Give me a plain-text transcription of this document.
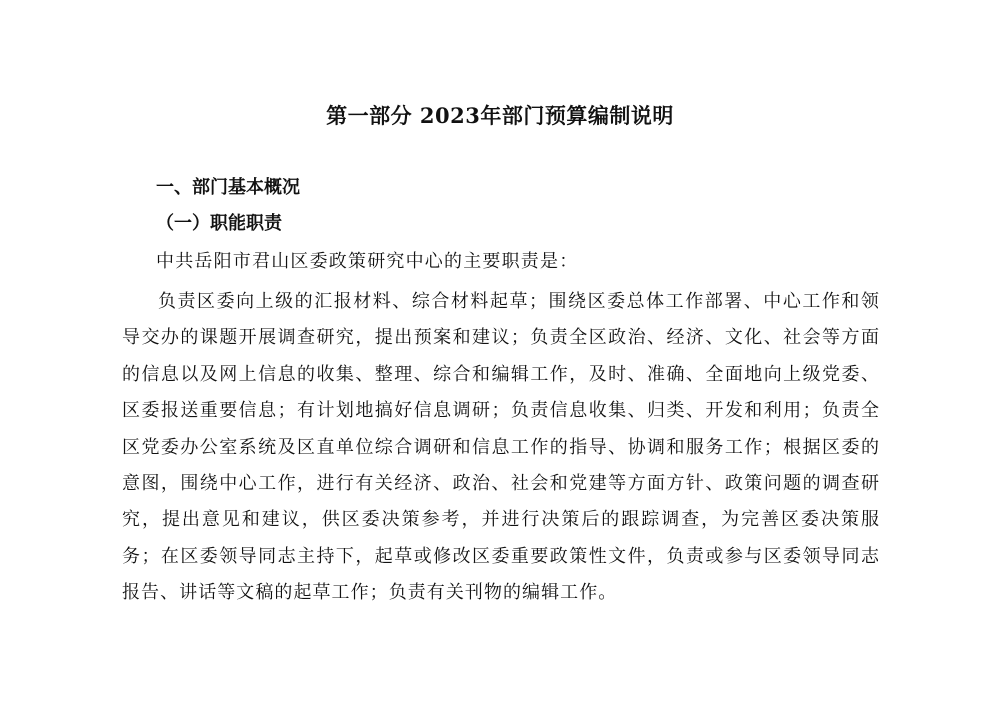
第一部分 2023年部门预算编制说明
一、部门基本概况
（一）职能职责

中共岳阳市君山区委政策研究中心的主要职责是：

负责区委向上级的汇报材料、综合材料起草；围绕区委总体工作部署、中心工作和领导交办的课题开展调查研究，提出预案和建议；负责全区政治、经济、文化、社会等方面的信息以及网上信息的收集、整理、综合和编辑工作，及时、准确、全面地向上级党委、区委报送重要信息；有计划地搞好信息调研；负责信息收集、归类、开发和利用；负责全区党委办公室系统及区直单位综合调研和信息工作的指导、协调和服务工作；根据区委的意图，围绕中心工作，进行有关经济、政治、社会和党建等方面方针、政策问题的调查研究，提出意见和建议，供区委决策参考，并进行决策后的跟踪调查，为完善区委决策服务；在区委领导同志主持下，起草或修改区委重要政策性文件，负责或参与区委领导同志报告、讲话等文稿的起草工作；负责有关刊物的编辑工作。
